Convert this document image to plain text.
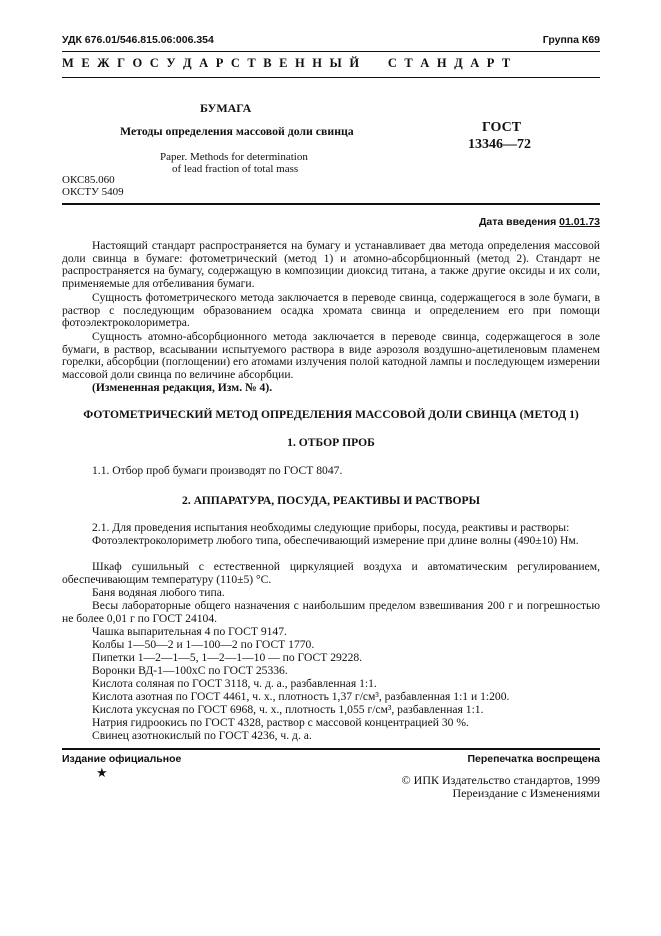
УДК 676.01/546.815.06:006.354	Группа К69
М Е Ж Г О С У Д А Р С Т В Е Н Н Ы Й     С Т А Н Д А Р Т
БУМАГА
Методы определения массовой доли свинца
Paper. Methods for determination
of lead fraction of total mass
ГОСТ
13346—72
ОКС85.060
ОКСТУ 5409
Дата введения 01.01.73
Настоящий стандарт распространяется на бумагу и устанавливает два метода определения массовой доли свинца в бумаге: фотометрический (метод 1) и атомно-абсорбционный (метод 2). Стандарт не распространяется на бумагу, содержащую в композиции диоксид титана, а также другие оксиды и их соли, применяемые для отбеливания бумаги.
Сущность фотометрического метода заключается в переводе свинца, содержащегося в золе бумаги, в раствор с последующим образованием осадка хромата свинца и определением его при помощи фотоэлектроколориметра.
Сущность атомно-абсорбционного метода заключается в переводе свинца, содержащегося в золе бумаги, в раствор, всасывании испытуемого раствора в виде аэрозоля воздушно-ацетиленовым пламенем горелки, абсорбции (поглощении) его атомами излучения полой катодной лампы и последующем измерении массовой доли свинца по величине абсорбции.
(Измененная редакция, Изм. № 4).
ФОТОМЕТРИЧЕСКИЙ МЕТОД ОПРЕДЕЛЕНИЯ МАССОВОЙ ДОЛИ СВИНЦА (МЕТОД 1)
1. ОТБОР ПРОБ
1.1. Отбор проб бумаги производят по ГОСТ 8047.
2. АППАРАТУРА, ПОСУДА, РЕАКТИВЫ И РАСТВОРЫ
2.1. Для проведения испытания необходимы следующие приборы, посуда, реактивы и растворы:
Фотоэлектроколориметр любого типа, обеспечивающий измерение при длине волны (490±10) Нм.
Шкаф сушильный с естественной циркуляцией воздуха и автоматическим регулированием, обеспечивающим температуру (110±5) °С.
Баня водяная любого типа.
Весы лабораторные общего назначения с наибольшим пределом взвешивания 200 г и погрешностью не более 0,01 г по ГОСТ 24104.
Чашка выпарительная 4 по ГОСТ 9147.
Колбы 1—50—2 и 1—100—2 по ГОСТ 1770.
Пипетки 1—2—1—5, 1—2—1—10 — по ГОСТ 29228.
Воронки ВД-1—100хС по ГОСТ 25336.
Кислота соляная по ГОСТ 3118, ч. д. а., разбавленная 1:1.
Кислота азотная по ГОСТ 4461, ч. х., плотность 1,37 г/см³, разбавленная 1:1 и 1:200.
Кислота уксусная по ГОСТ 6968, ч. х., плотность 1,055 г/см³, разбавленная 1:1.
Натрия гидроокись по ГОСТ 4328, раствор с массовой концентрацией 30 %.
Свинец азотнокислый по ГОСТ 4236, ч. д. а.
Издание официальное	Перепечатка воспрещена
★	© ИПК Издательство стандартов, 1999
Переиздание с Изменениями
